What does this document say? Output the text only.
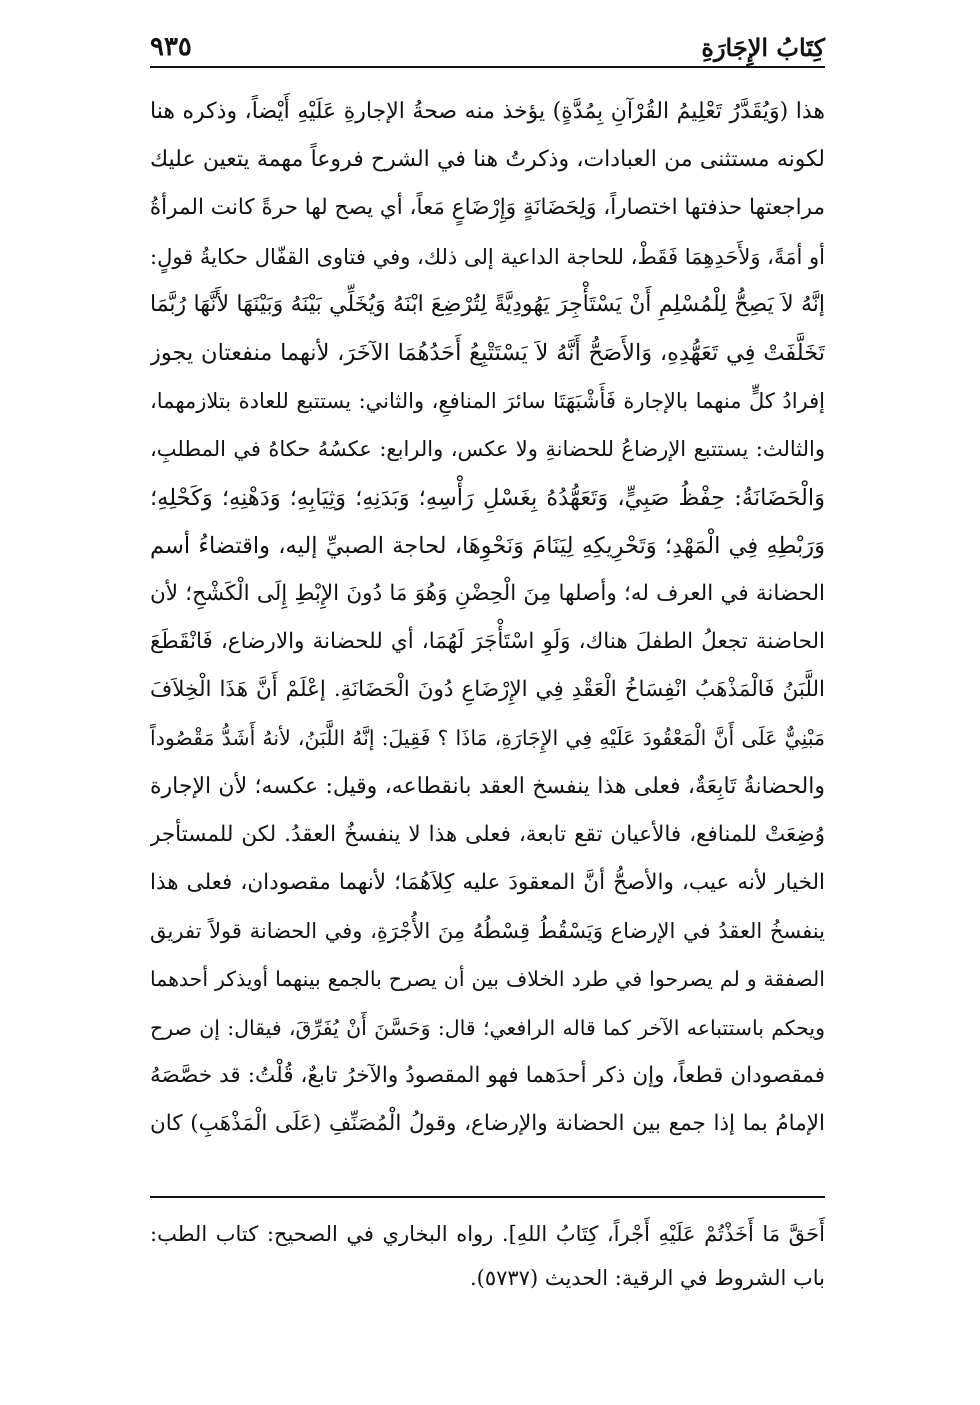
كِتَابُ الإِجَارَةِ
٩٣٥
هذا (وَيُقَدَّرُ تَعْلِيمُ القُرْآنِ بِمُدَّةٍ) يؤخذ منه صحةُ الإجارةِ عَلَيْهِ أَيْضاً، وذكره هنا
لكونه مستثنى من العبادات، وذكرتُ هنا في الشرح فروعاً مهمة يتعين عليك
مراجعتها حذفتها اختصاراً، وَلِحَضَانَةٍ وَإِرْضَاعٍ مَعاً، أي يصح لها حرةً كانت المرأةُ
أو أمَةً، وَلأَحَدِهِمَا فَقَطْ، للحاجة الداعية إلى ذلك، وفي فتاوى القفّال حكايةُ قولٍ:
إنَّهُ لاَ يَصِحُّ لِلْمُسْلِمِ أَنْ يَسْتَأْجِرَ يَهُودِيَّةً لِتُرْضِعَ ابْنَهُ وَيُخَلِّي بَيْنَهُ وَبَيْنَهَا لأَنَّهَا رُبَّمَا
تَخَلَّفَتْ فِي تَعَهُّدِهِ، وَالأَصَحُّ أَنَّهُ لاَ يَسْتَتْبِعُ أَحَدُهُمَا الآخَرَ، لأنهما منفعتان يجوز
إفرادُ كلٍّ منهما بالإجارة فَأَشْبَهَتَا سائرَ المنافعِ، والثاني: يستتبع للعادة بتلازمهما،
والثالث: يستتبع الإرضاعُ للحضانةِ ولا عكس، والرابع: عكسُهُ حكاهُ في المطلبِ،
وَالْحَضَانَةُ: حِفْظُ صَبِيٍّ، وَتَعَهُّدُهُ بِغَسْلِ رَأْسِهِ؛ وَبَدَنِهِ؛ وَثِيَابِهِ؛ وَدَهْنِهِ؛ وَكَحْلِهِ؛
وَرَبْطِهِ فِي الْمَهْدِ؛ وَتَحْرِيكِهِ لِيَنَامَ وَنَحْوِهَا، لحاجة الصبيِّ إليه، واقتضاءُ أسم
الحضانة في العرف له؛ وأصلها مِنَ الْحِضْنِ وَهُوَ مَا دُونَ الإِبْطِ إِلَى الْكَشْحِ؛ لأن
الحاضنة تجعلُ الطفلَ هناك، وَلَوِ اسْتَأْجَرَ لَهُمَا، أي للحضانة والارضاع، فَانْقَطَعَ
اللَّبَنُ فَالْمَذْهَبُ انْفِسَاخُ الْعَقْدِ فِي الإِرْضَاعِ دُونَ الْحَضَانَةِ. إعْلَمْ أَنَّ هَذَا الْخِلاَفَ
مَبْنِيٌّ عَلَى أَنَّ الْمَعْقُودَ عَلَيْهِ فِي الإِجَارَةِ، مَاذَا ؟ فَقِيلَ: إنَّهُ اللَّبَنُ، لأنهُ أَشَدُّ مَقْصُوداً
والحضانةُ تَابِعَةٌ، فعلى هذا ينفسخ العقد بانقطاعه، وقيل: عكسه؛ لأن الإجارة
وُضِعَتْ للمنافع، فالأعيان تقع تابعة، فعلى هذا لا ينفسخُ العقدُ. لكن للمستأجر
الخيار لأنه عيب، والأصحُّ أنَّ المعقودَ عليه كِلاَهُمَا؛ لأنهما مقصودان، فعلى هذا
ينفسخُ العقدُ في الإرضاع وَيَسْقُطُ قِسْطُهُ مِنَ الأُجْرَةِ، وفي الحضانة قولاً تفريق
الصفقة و لم يصرحوا في طرد الخلاف بين أن يصرح بالجمع بينهما أويذكر أحدهما
ويحكم باستتباعه الآخر كما قاله الرافعي؛ قال: وَحَسَّنَ أَنْ يُفَرِّقَ، فيقال: إن صرح
فمقصودان قطعاً، وإن ذكر أحدَهما فهو المقصودُ والآخرُ تابعٌ، قُلْتُ: قد خصَّصَهُ
الإمامُ بما إذا جمع بين الحضانة والإرضاع، وقولُ الْمُصَنِّفِ (عَلَى الْمَذْهَبِ) كان
أَحَقَّ مَا أَخَذْتُمْ عَلَيْهِ أَجْراً، كِتَابُ اللهِ]. رواه البخاري في الصحيح: كتاب الطب:
باب الشروط في الرقية: الحديث (٥٧٣٧).
